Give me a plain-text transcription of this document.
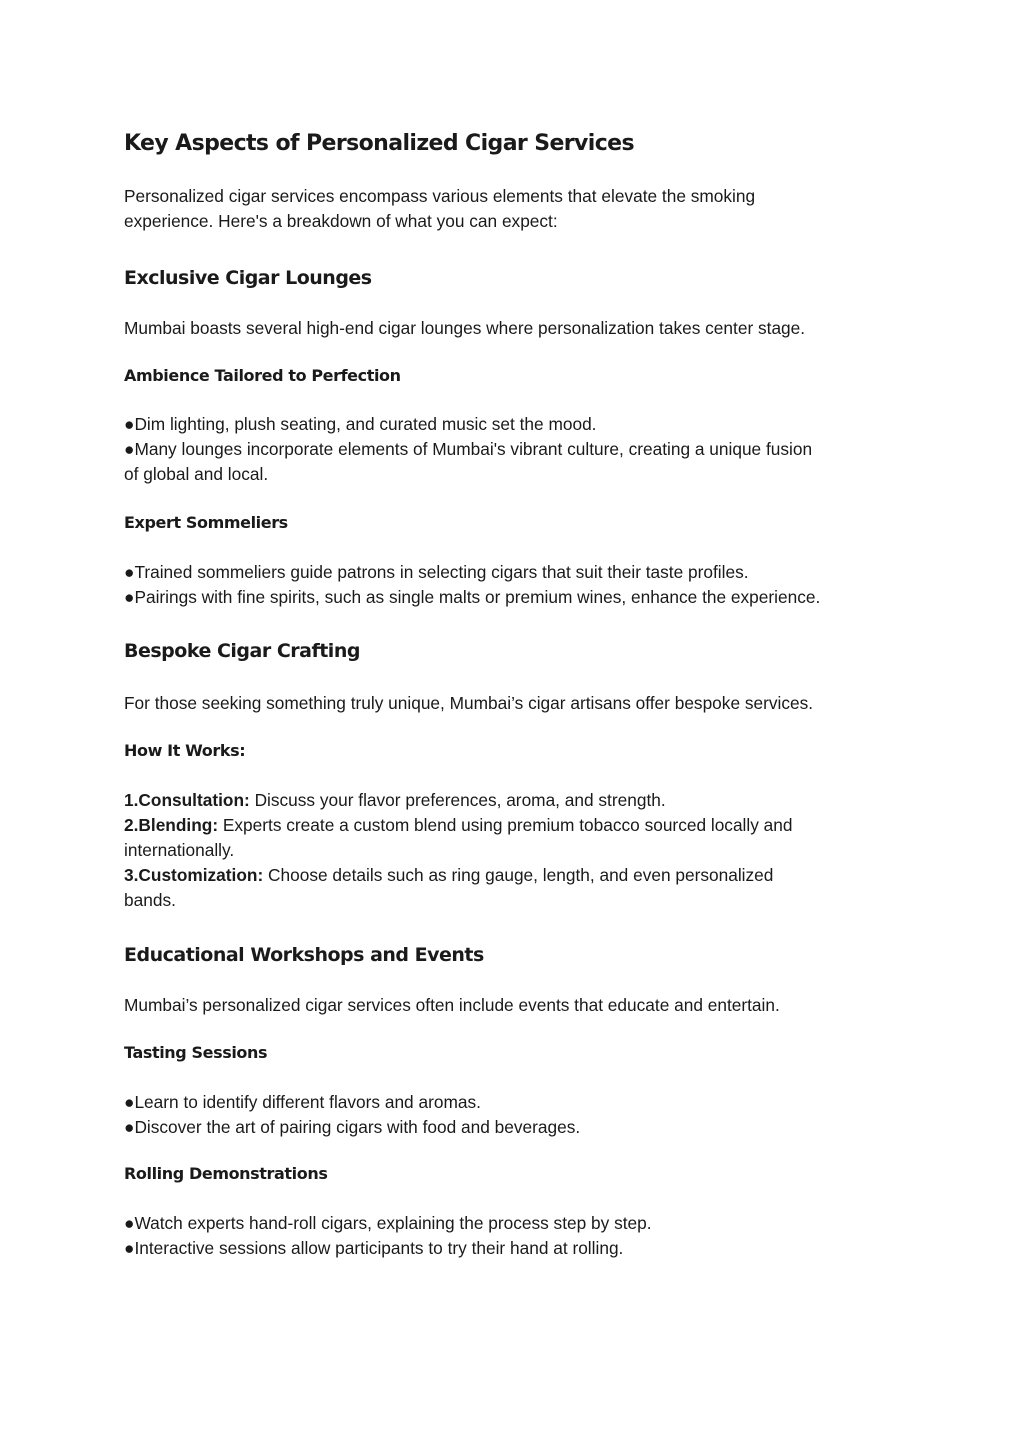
Key Aspects of Personalized Cigar Services

Personalized cigar services encompass various elements that elevate the smoking
experience. Here's a breakdown of what you can expect:

Exclusive Cigar Lounges

Mumbai boasts several high-end cigar lounges where personalization takes center stage.

Ambience Tailored to Perfection

●Dim lighting, plush seating, and curated music set the mood.
●Many lounges incorporate elements of Mumbai's vibrant culture, creating a unique fusion
of global and local.

Expert Sommeliers

●Trained sommeliers guide patrons in selecting cigars that suit their taste profiles.
●Pairings with fine spirits, such as single malts or premium wines, enhance the experience.

Bespoke Cigar Crafting

For those seeking something truly unique, Mumbai’s cigar artisans offer bespoke services.

How It Works:

1.Consultation: Discuss your flavor preferences, aroma, and strength.
2.Blending: Experts create a custom blend using premium tobacco sourced locally and
internationally.
3.Customization: Choose details such as ring gauge, length, and even personalized
bands.

Educational Workshops and Events

Mumbai’s personalized cigar services often include events that educate and entertain.

Tasting Sessions

●Learn to identify different flavors and aromas.
●Discover the art of pairing cigars with food and beverages.

Rolling Demonstrations

●Watch experts hand-roll cigars, explaining the process step by step.
●Interactive sessions allow participants to try their hand at rolling.
